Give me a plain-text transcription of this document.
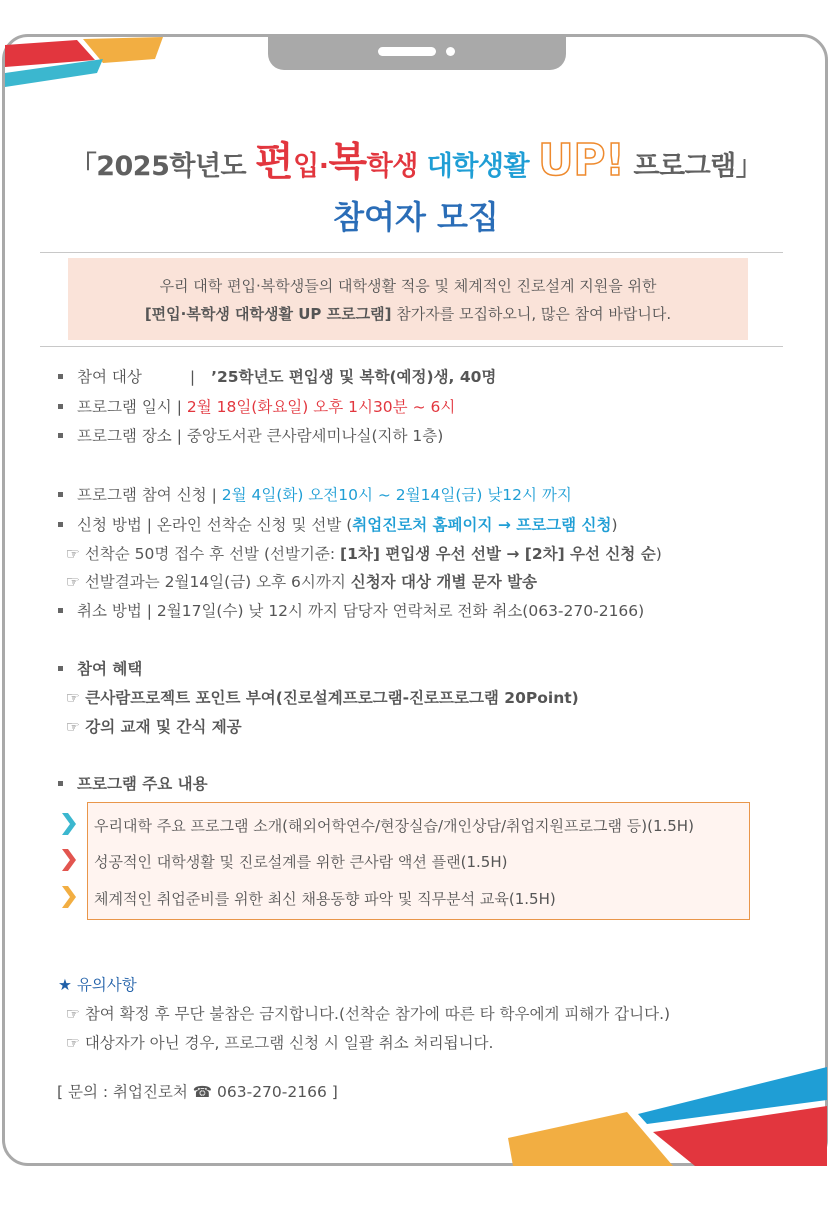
「2025학년도 편입·복학생 대학생활 UP! 프로그램」
참여자 모집
우리 대학 편입·복학생들의 대학생활 적응 및 체계적인 진로설계 지원을 위한
[편입·복학생 대학생활 UP 프로그램] 참가자를 모집하오니, 많은 참여 바랍니다.
참여 대상	| ’25학년도 편입생 및 복학(예정)생, 40명
프로그램 일시 | 2월 18일(화요일) 오후 1시30분 ~ 6시
프로그램 장소 | 중앙도서관 큰사람세미나실(지하 1층)
프로그램 참여 신청 | 2월 4일(화) 오전10시 ~ 2월14일(금) 낮12시 까지
신청 방법 | 온라인 선착순 신청 및 선발 (취업진로처 홈페이지 → 프로그램 신청)
☞ 선착순 50명 접수 후 선발 (선발기준: [1차] 편입생 우선 선발 → [2차] 우선 신청 순)
☞ 선발결과는 2월14일(금) 오후 6시까지 신청자 대상 개별 문자 발송
취소 방법 | 2월17일(수) 낮 12시 까지 담당자 연락처로 전화 취소(063-270-2166)
참여 혜택
☞ 큰사람프로젝트 포인트 부여(진로설계프로그램-진로프로그램 20Point)
☞ 강의 교재 및 간식 제공
프로그램 주요 내용
우리대학 주요 프로그램 소개(해외어학연수/현장실습/개인상담/취업지원프로그램 등)(1.5H)
성공적인 대학생활 및 진로설계를 위한 큰사람 액션 플랜(1.5H)
체계적인 취업준비를 위한 최신 채용동향 파악 및 직무분석 교육(1.5H)
★ 유의사항
☞ 참여 확정 후 무단 불참은 금지합니다.(선착순 참가에 따른 타 학우에게 피해가 갑니다.)
☞ 대상자가 아닌 경우, 프로그램 신청 시 일괄 취소 처리됩니다.
[ 문의 : 취업진로처 ☎ 063-270-2166 ]
